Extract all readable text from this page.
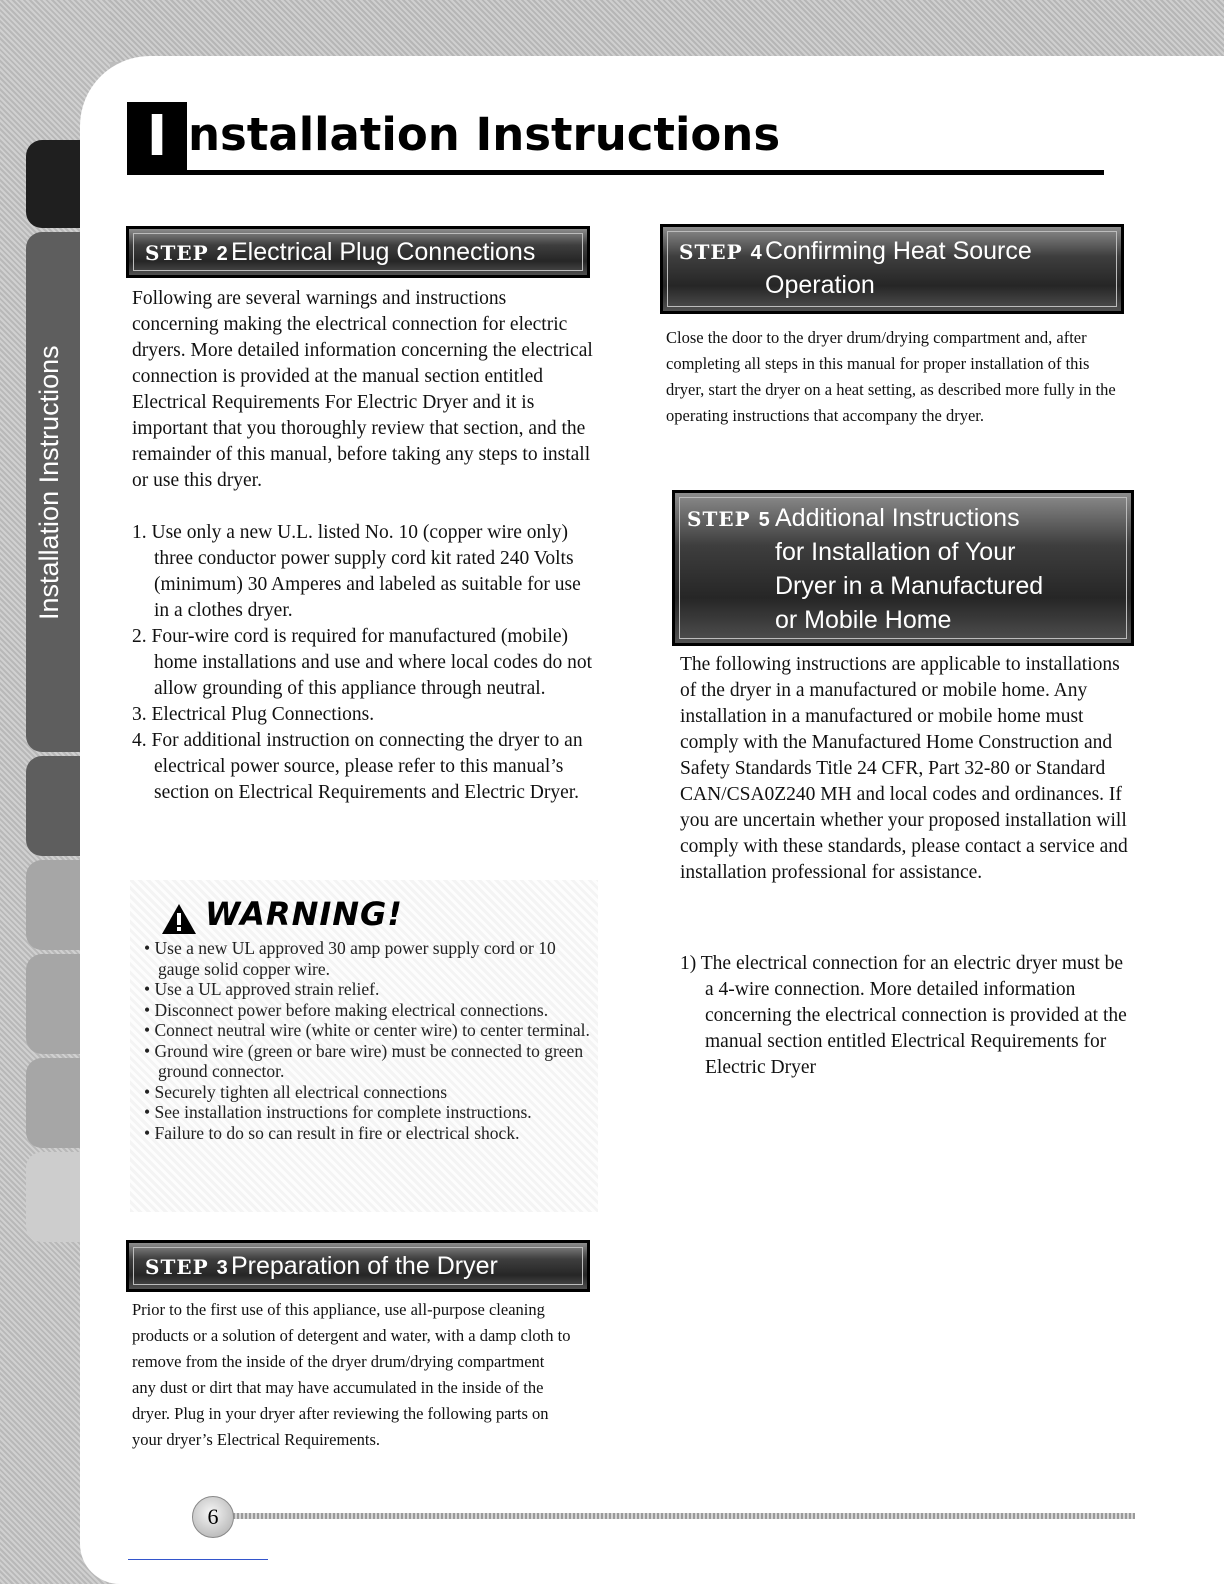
Installation Instructions
I nstallation Instructions
STEP 2 Electrical Plug Connections

Following are several warnings and instructions concerning making the electrical connection for electric dryers. More detailed information concerning the electrical connection is provided at the manual section entitled Electrical Requirements For Electric Dryer and it is important that you thoroughly review that section, and the remainder of this manual, before taking any steps to install or use this dryer.

1. Use only a new U.L. listed No. 10 (copper wire only) three conductor power supply cord kit rated 240 Volts (minimum) 30 Amperes and labeled as suitable for use in a clothes dryer.
2. Four-wire cord is required for manufactured (mobile) home installations and use and where local codes do not allow grounding of this appliance through neutral.
3. Electrical Plug Connections.
4. For additional instruction on connecting the dryer to an electrical power source, please refer to this manual’s section on Electrical Requirements and Electric Dryer.
WARNING!
• Use a new UL approved 30 amp power supply cord or 10 gauge solid copper wire.
• Use a UL approved strain relief.
• Disconnect power before making electrical connections.
• Connect neutral wire (white or center wire) to center terminal.
• Ground wire (green or bare wire) must be connected to green ground connector.
• Securely tighten all electrical connections
• See installation instructions for complete instructions.
• Failure to do so can result in fire or electrical shock.
STEP 3 Preparation of the Dryer

Prior to the first use of this appliance, use all-purpose cleaning products or a solution of detergent and water, with a damp cloth to remove from the inside of the dryer drum/drying compartment any dust or dirt that may have accumulated in the inside of the dryer. Plug in your dryer after reviewing the following parts on your dryer’s Electrical Requirements.

STEP 4 Confirming Heat Source
Operation

Close the door to the dryer drum/drying compartment and, after completing all steps in this manual for proper installation of this dryer, start the dryer on a heat setting, as described more fully in the operating instructions that accompany the dryer.

STEP 5 Additional Instructions
for Installation of Your
Dryer in a Manufactured
or Mobile Home

The following instructions are applicable to installations of the dryer in a manufactured or mobile home. Any installation in a manufactured or mobile home must comply with the Manufactured Home Construction and Safety Standards Title 24 CFR, Part 32-80 or Standard CAN/CSA0Z240 MH and local codes and ordinances. If you are uncertain whether your proposed installation will comply with these standards, please contact a service and installation professional for assistance.

1) The electrical connection for an electric dryer must be a 4-wire connection. More detailed information concerning the electrical connection is provided at the manual section entitled Electrical Requirements for Electric Dryer

6
